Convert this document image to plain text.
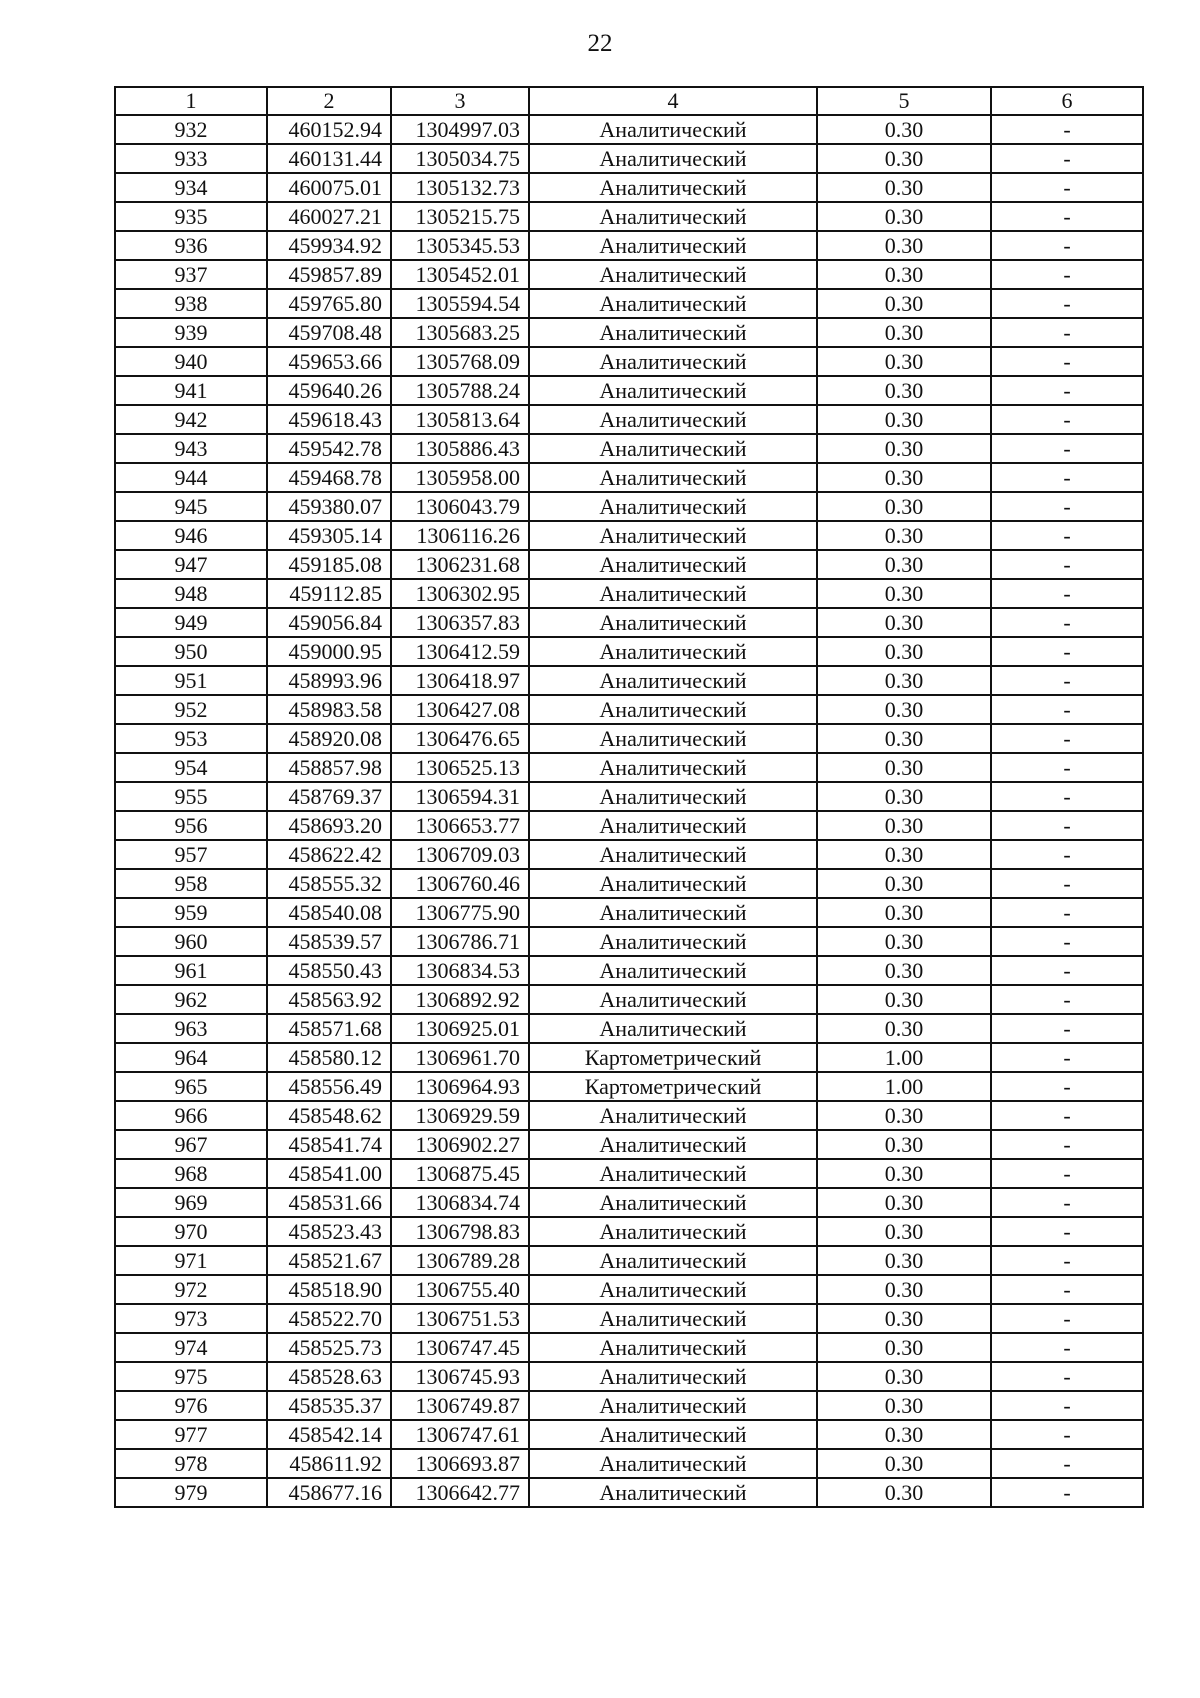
22
1	2	3	4	5	6
932	460152.94	1304997.03	Аналитический	0.30	-
933	460131.44	1305034.75	Аналитический	0.30	-
934	460075.01	1305132.73	Аналитический	0.30	-
935	460027.21	1305215.75	Аналитический	0.30	-
936	459934.92	1305345.53	Аналитический	0.30	-
937	459857.89	1305452.01	Аналитический	0.30	-
938	459765.80	1305594.54	Аналитический	0.30	-
939	459708.48	1305683.25	Аналитический	0.30	-
940	459653.66	1305768.09	Аналитический	0.30	-
941	459640.26	1305788.24	Аналитический	0.30	-
942	459618.43	1305813.64	Аналитический	0.30	-
943	459542.78	1305886.43	Аналитический	0.30	-
944	459468.78	1305958.00	Аналитический	0.30	-
945	459380.07	1306043.79	Аналитический	0.30	-
946	459305.14	1306116.26	Аналитический	0.30	-
947	459185.08	1306231.68	Аналитический	0.30	-
948	459112.85	1306302.95	Аналитический	0.30	-
949	459056.84	1306357.83	Аналитический	0.30	-
950	459000.95	1306412.59	Аналитический	0.30	-
951	458993.96	1306418.97	Аналитический	0.30	-
952	458983.58	1306427.08	Аналитический	0.30	-
953	458920.08	1306476.65	Аналитический	0.30	-
954	458857.98	1306525.13	Аналитический	0.30	-
955	458769.37	1306594.31	Аналитический	0.30	-
956	458693.20	1306653.77	Аналитический	0.30	-
957	458622.42	1306709.03	Аналитический	0.30	-
958	458555.32	1306760.46	Аналитический	0.30	-
959	458540.08	1306775.90	Аналитический	0.30	-
960	458539.57	1306786.71	Аналитический	0.30	-
961	458550.43	1306834.53	Аналитический	0.30	-
962	458563.92	1306892.92	Аналитический	0.30	-
963	458571.68	1306925.01	Аналитический	0.30	-
964	458580.12	1306961.70	Картометрический	1.00	-
965	458556.49	1306964.93	Картометрический	1.00	-
966	458548.62	1306929.59	Аналитический	0.30	-
967	458541.74	1306902.27	Аналитический	0.30	-
968	458541.00	1306875.45	Аналитический	0.30	-
969	458531.66	1306834.74	Аналитический	0.30	-
970	458523.43	1306798.83	Аналитический	0.30	-
971	458521.67	1306789.28	Аналитический	0.30	-
972	458518.90	1306755.40	Аналитический	0.30	-
973	458522.70	1306751.53	Аналитический	0.30	-
974	458525.73	1306747.45	Аналитический	0.30	-
975	458528.63	1306745.93	Аналитический	0.30	-
976	458535.37	1306749.87	Аналитический	0.30	-
977	458542.14	1306747.61	Аналитический	0.30	-
978	458611.92	1306693.87	Аналитический	0.30	-
979	458677.16	1306642.77	Аналитический	0.30	-
